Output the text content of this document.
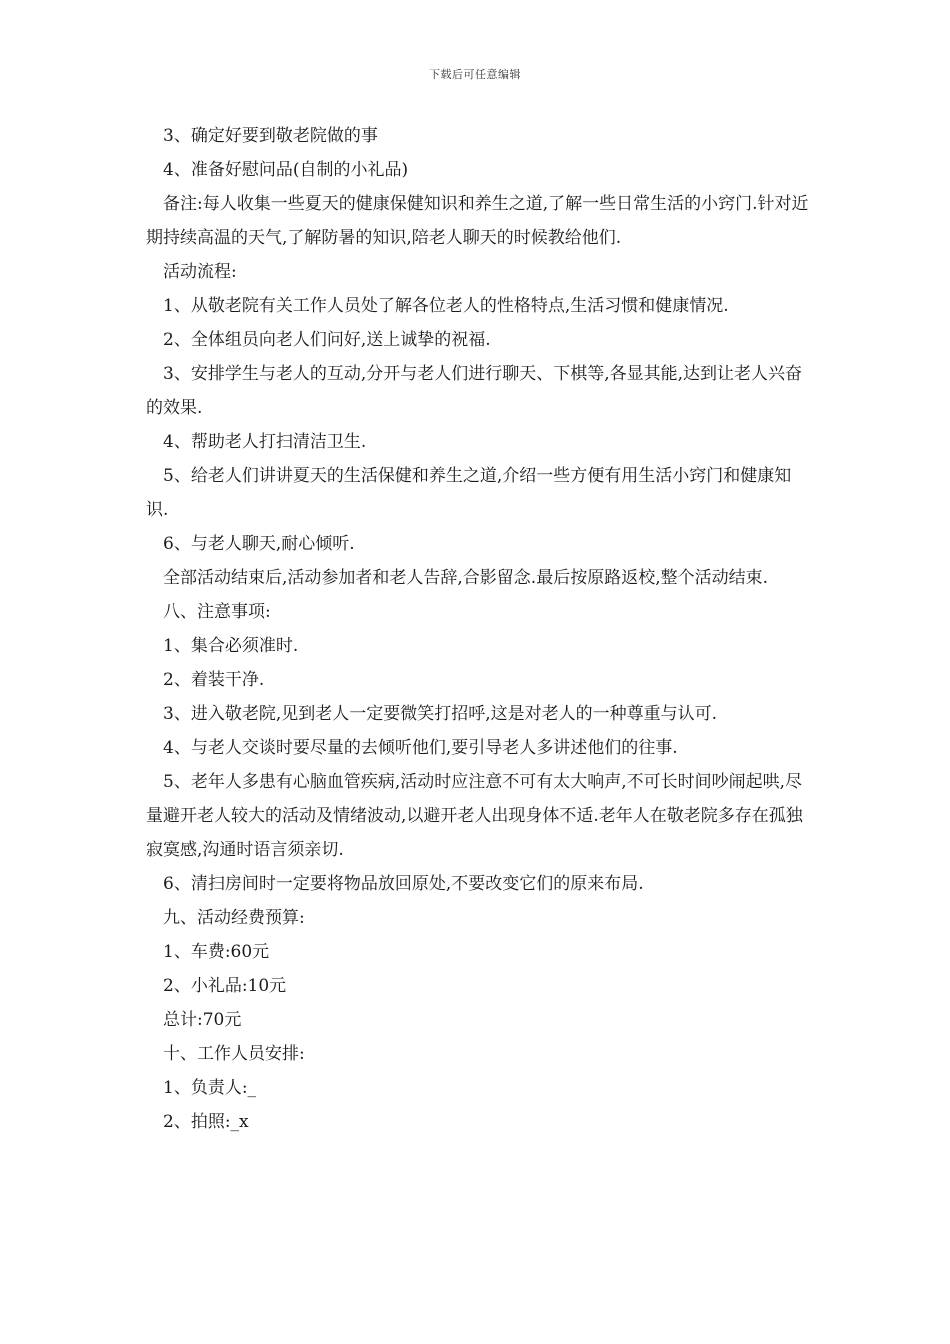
下载后可任意编辑

3、确定好要到敬老院做的事

4、准备好慰问品(自制的小礼品)

备注:每人收集一些夏天的健康保健知识和养生之道,了解一些日常生活的小窍门.针对近期持续高温的天气,了解防暑的知识,陪老人聊天的时候教给他们.

活动流程:

1、从敬老院有关工作人员处了解各位老人的性格特点,生活习惯和健康情况.

2、全体组员向老人们问好,送上诚挚的祝福.

3、安排学生与老人的互动,分开与老人们进行聊天、下棋等,各显其能,达到让老人兴奋的效果.

4、帮助老人打扫清洁卫生.

5、给老人们讲讲夏天的生活保健和养生之道,介绍一些方便有用生活小窍门和健康知识.

6、与老人聊天,耐心倾听.

全部活动结束后,活动参加者和老人告辞,合影留念.最后按原路返校,整个活动结束.

八、注意事项:

1、集合必须准时.

2、着装干净.

3、进入敬老院,见到老人一定要微笑打招呼,这是对老人的一种尊重与认可.

4、与老人交谈时要尽量的去倾听他们,要引导老人多讲述他们的往事.

5、老年人多患有心脑血管疾病,活动时应注意不可有太大响声,不可长时间吵闹起哄,尽量避开老人较大的活动及情绪波动,以避开老人出现身体不适.老年人在敬老院多存在孤独寂寞感,沟通时语言须亲切.

6、清扫房间时一定要将物品放回原处,不要改变它们的原来布局.

九、活动经费预算:

1、车费:60元

2、小礼品:10元

总计:70元

十、工作人员安排:

1、负责人:_

2、拍照:_x
